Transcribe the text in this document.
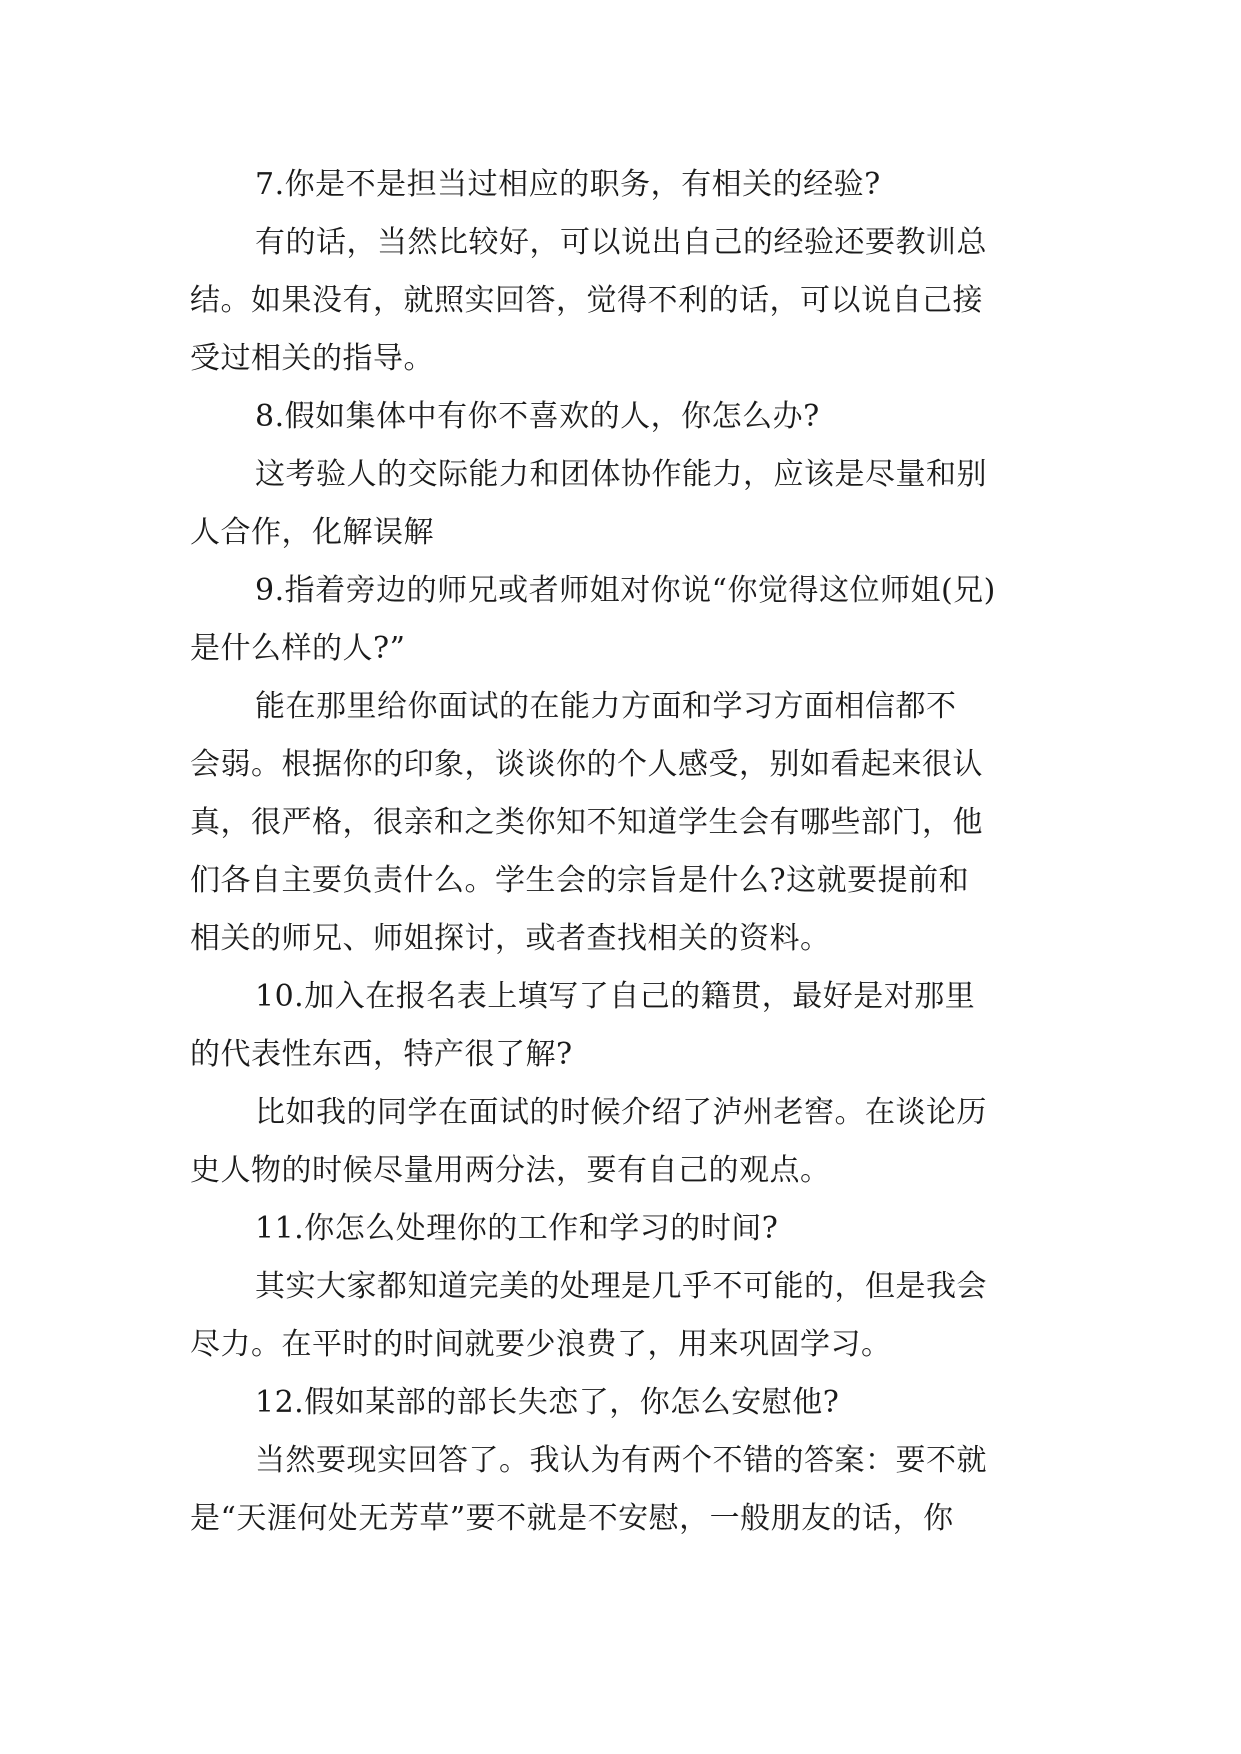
7.你是不是担当过相应的职务，有相关的经验?
有的话，当然比较好，可以说出自己的经验还要教训总
结。如果没有，就照实回答，觉得不利的话，可以说自己接
受过相关的指导。
8.假如集体中有你不喜欢的人，你怎么办?
这考验人的交际能力和团体协作能力，应该是尽量和别
人合作，化解误解
9.指着旁边的师兄或者师姐对你说“你觉得这位师姐(兄)
是什么样的人?”
能在那里给你面试的在能力方面和学习方面相信都不
会弱。根据你的印象，谈谈你的个人感受，别如看起来很认
真，很严格，很亲和之类你知不知道学生会有哪些部门，他
们各自主要负责什么。学生会的宗旨是什么?这就要提前和
相关的师兄、师姐探讨，或者查找相关的资料。
10.加入在报名表上填写了自己的籍贯，最好是对那里
的代表性东西，特产很了解?
比如我的同学在面试的时候介绍了泸州老窖。在谈论历
史人物的时候尽量用两分法，要有自己的观点。
11.你怎么处理你的工作和学习的时间?
其实大家都知道完美的处理是几乎不可能的，但是我会
尽力。在平时的时间就要少浪费了，用来巩固学习。
12.假如某部的部长失恋了，你怎么安慰他?
当然要现实回答了。我认为有两个不错的答案：要不就
是“天涯何处无芳草”要不就是不安慰，一般朋友的话，你
